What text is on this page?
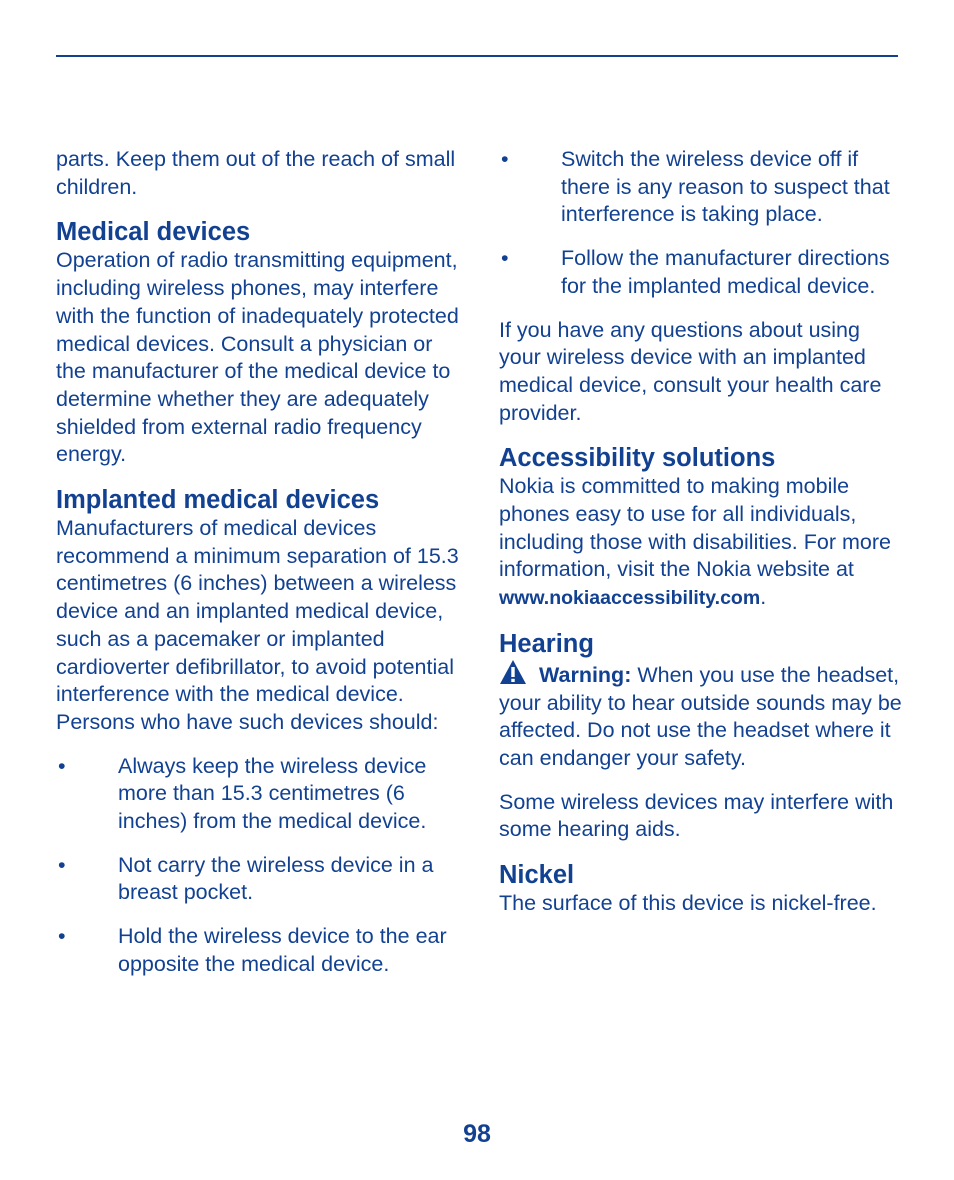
parts. Keep them out of the reach of small children.

Medical devices

Operation of radio transmitting equipment, including wireless phones, may interfere with the function of inadequately protected medical devices. Consult a physician or the manufacturer of the medical device to determine whether they are adequately shielded from external radio frequency energy.

Implanted medical devices

Manufacturers of medical devices recommend a minimum separation of 15.3 centimetres (6 inches) between a wireless device and an implanted medical device, such as a pacemaker or implanted cardioverter defibrillator, to avoid potential interference with the medical device. Persons who have such devices should:

• Always keep the wireless device more than 15.3 centimetres (6 inches) from the medical device.
• Not carry the wireless device in a breast pocket.
• Hold the wireless device to the ear opposite the medical device.
• Switch the wireless device off if there is any reason to suspect that interference is taking place.
• Follow the manufacturer directions for the implanted medical device.

If you have any questions about using your wireless device with an implanted medical device, consult your health care provider.

Accessibility solutions

Nokia is committed to making mobile phones easy to use for all individuals, including those with disabilities. For more information, visit the Nokia website at
www.nokiaaccessibility.com.

Hearing

Warning: When you use the headset, your ability to hear outside sounds may be affected. Do not use the headset where it can endanger your safety.

Some wireless devices may interfere with some hearing aids.

Nickel

The surface of this device is nickel-free.

98
